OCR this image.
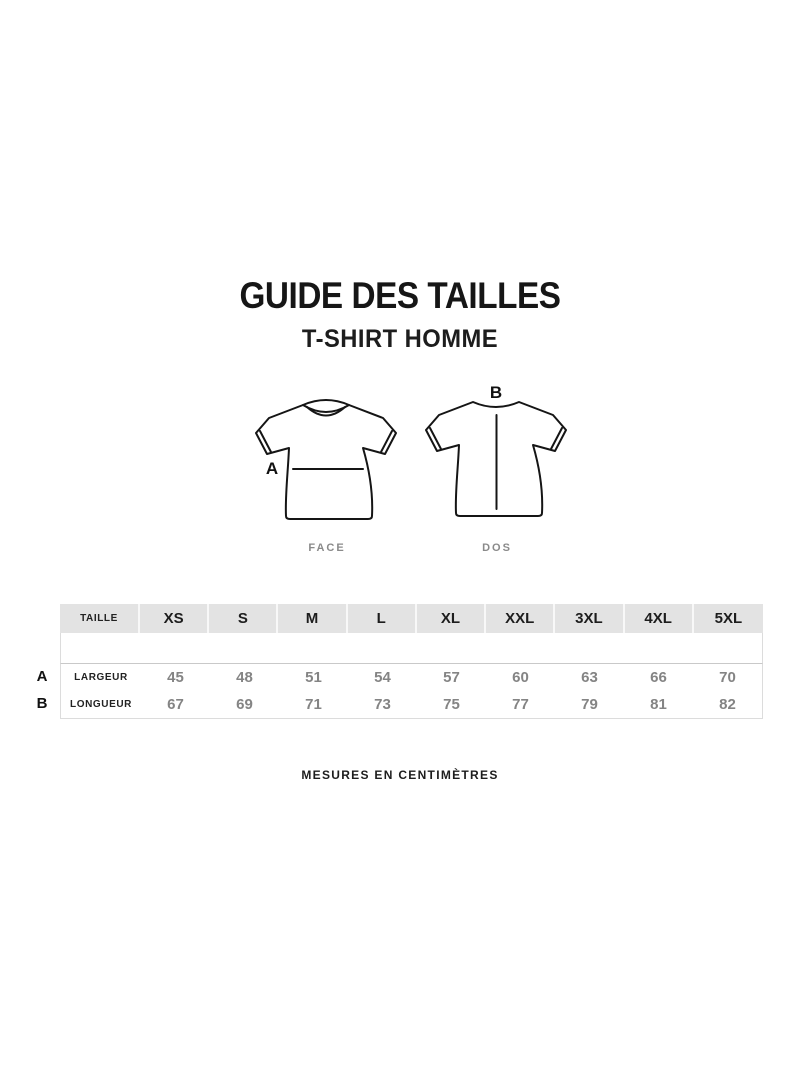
GUIDE DES TAILLES
T-SHIRT HOMME
A
FACE
B
DOS
TAILLE	XS	S	M	L	XL	XXL	3XL	4XL	5XL
LARGEUR	45	48	51	54	57	60	63	66	70
LONGUEUR	67	69	71	73	75	77	79	81	82
A
B
MESURES EN CENTIMÈTRES
